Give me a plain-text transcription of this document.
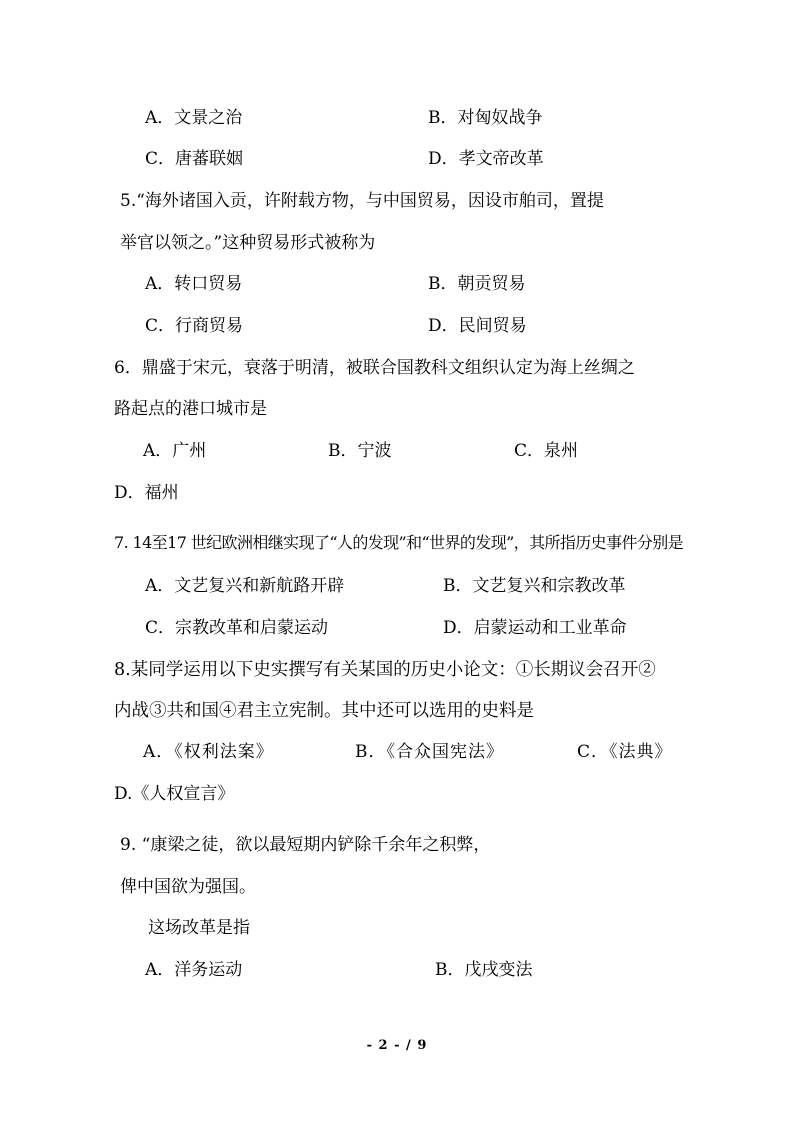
A．文景之治	B．对匈奴战争
C．唐蕃联姻	D．孝文帝改革
5.“海外诸国入贡，许附载方物，与中国贸易，因设市舶司，置提
举官以领之。”这种贸易形式被称为
A．转口贸易	B．朝贡贸易
C．行商贸易	D．民间贸易
6．鼎盛于宋元，衰落于明清，被联合国教科文组织认定为海上丝绸之
路起点的港口城市是
A．广州	B．宁波	C．泉州
D．福州
7. 14至17 世纪欧洲相继实现了“人的发现”和“世界的发现”，其所指历史事件分别是
A．文艺复兴和新航路开辟	B．文艺复兴和宗教改革
C．宗教改革和启蒙运动	D．启蒙运动和工业革命
8.某同学运用以下史实撰写有关某国的历史小论文：①长期议会召开②
内战③共和国④君主立宪制。其中还可以选用的史料是
A．《权利法案》	B．《合众国宪法》	C．《法典》
D.《人权宣言》
9. “康梁之徒，欲以最短期内铲除千余年之积弊，
俾中国欲为强国。
这场改革是指
A．洋务运动	B．戊戌变法
- 2 - / 9
